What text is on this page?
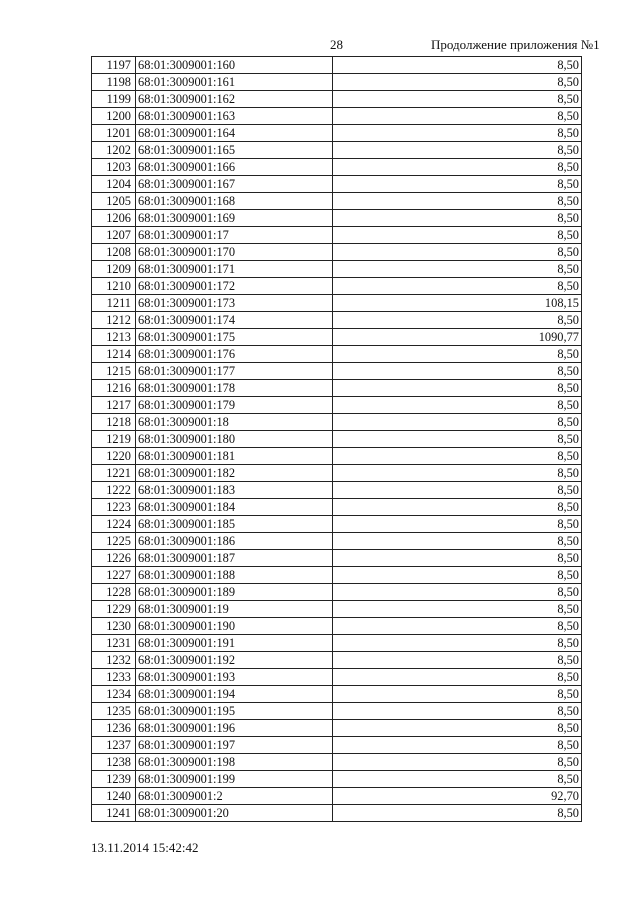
28	Продолжение приложения №1
1197	68:01:3009001:160	8,50
1198	68:01:3009001:161	8,50
1199	68:01:3009001:162	8,50
1200	68:01:3009001:163	8,50
1201	68:01:3009001:164	8,50
1202	68:01:3009001:165	8,50
1203	68:01:3009001:166	8,50
1204	68:01:3009001:167	8,50
1205	68:01:3009001:168	8,50
1206	68:01:3009001:169	8,50
1207	68:01:3009001:17	8,50
1208	68:01:3009001:170	8,50
1209	68:01:3009001:171	8,50
1210	68:01:3009001:172	8,50
1211	68:01:3009001:173	108,15
1212	68:01:3009001:174	8,50
1213	68:01:3009001:175	1090,77
1214	68:01:3009001:176	8,50
1215	68:01:3009001:177	8,50
1216	68:01:3009001:178	8,50
1217	68:01:3009001:179	8,50
1218	68:01:3009001:18	8,50
1219	68:01:3009001:180	8,50
1220	68:01:3009001:181	8,50
1221	68:01:3009001:182	8,50
1222	68:01:3009001:183	8,50
1223	68:01:3009001:184	8,50
1224	68:01:3009001:185	8,50
1225	68:01:3009001:186	8,50
1226	68:01:3009001:187	8,50
1227	68:01:3009001:188	8,50
1228	68:01:3009001:189	8,50
1229	68:01:3009001:19	8,50
1230	68:01:3009001:190	8,50
1231	68:01:3009001:191	8,50
1232	68:01:3009001:192	8,50
1233	68:01:3009001:193	8,50
1234	68:01:3009001:194	8,50
1235	68:01:3009001:195	8,50
1236	68:01:3009001:196	8,50
1237	68:01:3009001:197	8,50
1238	68:01:3009001:198	8,50
1239	68:01:3009001:199	8,50
1240	68:01:3009001:2	92,70
1241	68:01:3009001:20	8,50
13.11.2014 15:42:42
